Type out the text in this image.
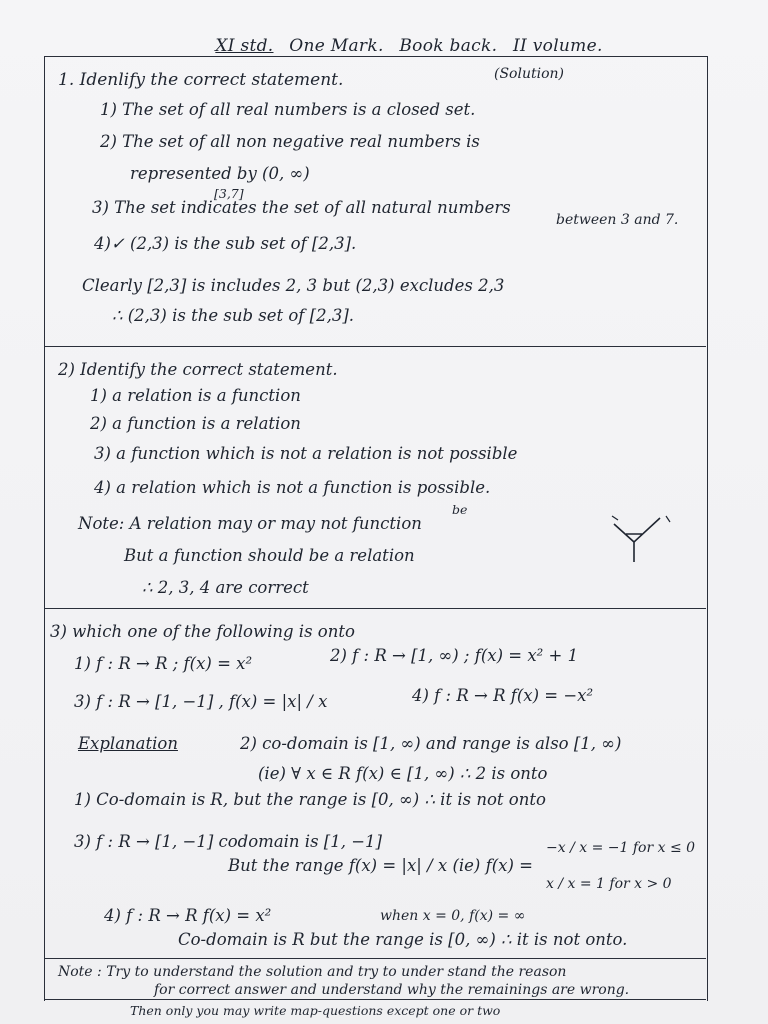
XI std. One Mark. Book back. II volume.
1. Idenlify the correct statement.	(Solution)
1) The set of all real numbers is a closed set.
2) The set of all non negative real numbers is
represented by (0, ∞)
[3,7]
3) The set indicates the set of all natural numbers
between 3 and 7.
4)✓ (2,3) is the sub set of [2,3].
Clearly [2,3] is includes 2, 3 but (2,3) excludes 2,3
∴ (2,3) is the sub set of [2,3].
2) Identify the correct statement.
1) a relation is a function
2) a function is a relation
3) a function which is not a relation is not possible
4) a relation which is not a function is possible.
be
Note: A relation may or may not function
But a function should be a relation
∴ 2, 3, 4 are correct
3) which one of the following is onto
1) f : R → R ; f(x) = x²	2) f : R → [1, ∞) ; f(x) = x² + 1
3) f : R → [1, −1] , f(x) = |x| / x	4) f : R → R f(x) = −x²
Explanation	2) co-domain is [1, ∞) and range is also [1, ∞)
(ie) ∀ x ∈ R f(x) ∈ [1, ∞) ∴ 2 is onto
1) Co-domain is R, but the range is [0, ∞) ∴ it is not onto
3) f : R → [1, −1] codomain is [1, −1]
But the range f(x) = |x| / x (ie) f(x) =
−x / x = −1 for x ≤ 0
x / x = 1 for x > 0
4) f : R → R f(x) = x²	when x = 0, f(x) = ∞
Co-domain is R but the range is [0, ∞) ∴ it is not onto.
Note : Try to understand the solution and try to under stand the reason
for correct answer and understand why the remainings are wrong.
Then only you may write map-questions except one or two
